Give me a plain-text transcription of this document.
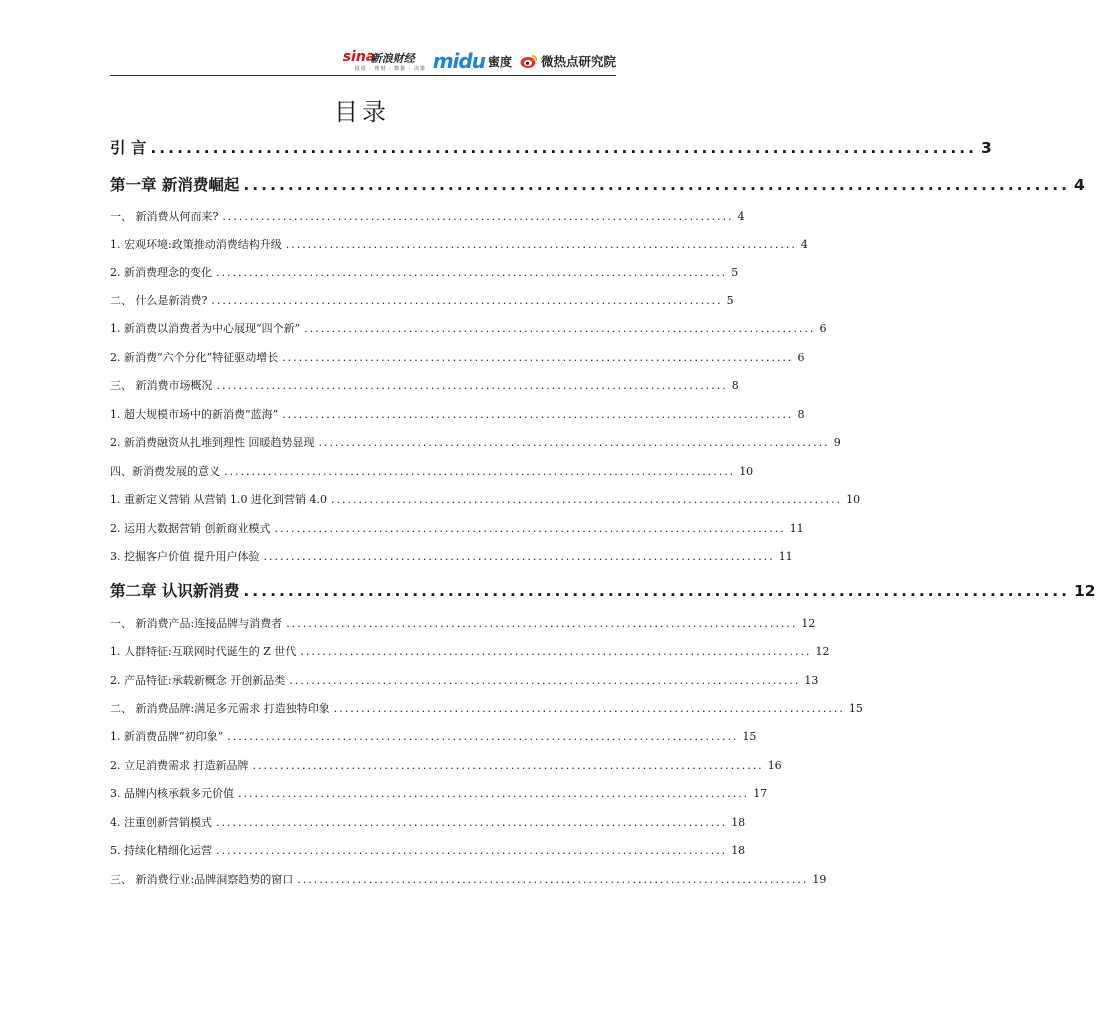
sina
新浪财经
投资 · 理财 · 数据 · 决策 midu 蜜度 微热点研究院
目录
引 言 ............................................................................................. 3
第一章 新消费崛起 ............................................................................................. 4
一、 新消费从何而来? ............................................................................................. 4
1. 宏观环境:政策推动消费结构升级 ............................................................................................. 4
2. 新消费理念的变化 ............................................................................................. 5
二、 什么是新消费? ............................................................................................. 5
1. 新消费以消费者为中心展现“四个新” ............................................................................................. 6
2. 新消费“六个分化”特征驱动增长 ............................................................................................. 6
三、 新消费市场概况 ............................................................................................. 8
1. 超大规模市场中的新消费“蓝海” ............................................................................................. 8
2. 新消费融资从扎堆到理性 回暖趋势显现 ............................................................................................. 9
四、新消费发展的意义 ............................................................................................. 10
1. 重新定义营销 从营销 1.0 进化到营销 4.0 ............................................................................................. 10
2. 运用大数据营销 创新商业模式 ............................................................................................. 11
3. 挖掘客户价值 提升用户体验 ............................................................................................. 11
第二章 认识新消费 ............................................................................................. 12
一、 新消费产品:连接品牌与消费者 ............................................................................................. 12
1. 人群特征:互联网时代诞生的 Z 世代 ............................................................................................. 12
2. 产品特征:承载新概念 开创新品类 ............................................................................................. 13
二、 新消费品牌:满足多元需求 打造独特印象 ............................................................................................. 15
1. 新消费品牌“初印象” ............................................................................................. 15
2. 立足消费需求 打造新品牌 ............................................................................................. 16
3. 品牌内核承载多元价值 ............................................................................................. 17
4. 注重创新营销模式 ............................................................................................. 18
5. 持续化精细化运营 ............................................................................................. 18
三、 新消费行业:品牌洞察趋势的窗口 ............................................................................................. 19
